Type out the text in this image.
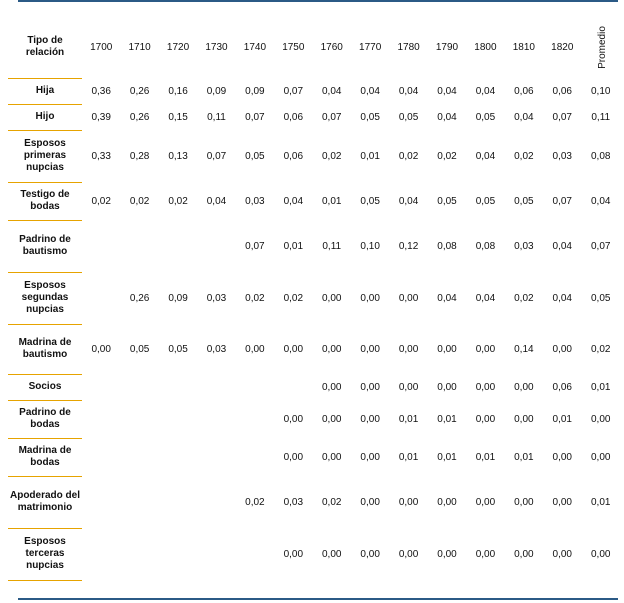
Tipo de relación	1700	1710	1720	1730	1740	1750	1760	1770	1780	1790	1800	1810	1820	Promedio
Hija	0,36	0,26	0,16	0,09	0,09	0,07	0,04	0,04	0,04	0,04	0,04	0,06	0,06	0,10
Hijo	0,39	0,26	0,15	0,11	0,07	0,06	0,07	0,05	0,05	0,04	0,05	0,04	0,07	0,11
Esposos primeras nupcias	0,33	0,28	0,13	0,07	0,05	0,06	0,02	0,01	0,02	0,02	0,04	0,02	0,03	0,08
Testigo de bodas	0,02	0,02	0,02	0,04	0,03	0,04	0,01	0,05	0,04	0,05	0,05	0,05	0,07	0,04
Padrino de bautismo					0,07	0,01	0,11	0,10	0,12	0,08	0,08	0,03	0,04	0,07
Esposos segundas nupcias		0,26	0,09	0,03	0,02	0,02	0,00	0,00	0,00	0,04	0,04	0,02	0,04	0,05
Madrina de bautismo	0,00	0,05	0,05	0,03	0,00	0,00	0,00	0,00	0,00	0,00	0,00	0,14	0,00	0,02
Socios							0,00	0,00	0,00	0,00	0,00	0,00	0,06	0,01
Padrino de bodas						0,00	0,00	0,00	0,01	0,01	0,00	0,00	0,01	0,00
Madrina de bodas						0,00	0,00	0,00	0,01	0,01	0,01	0,01	0,00	0,00
Apoderado del matrimonio					0,02	0,03	0,02	0,00	0,00	0,00	0,00	0,00	0,00	0,01
Esposos terceras nupcias						0,00	0,00	0,00	0,00	0,00	0,00	0,00	0,00	0,00
